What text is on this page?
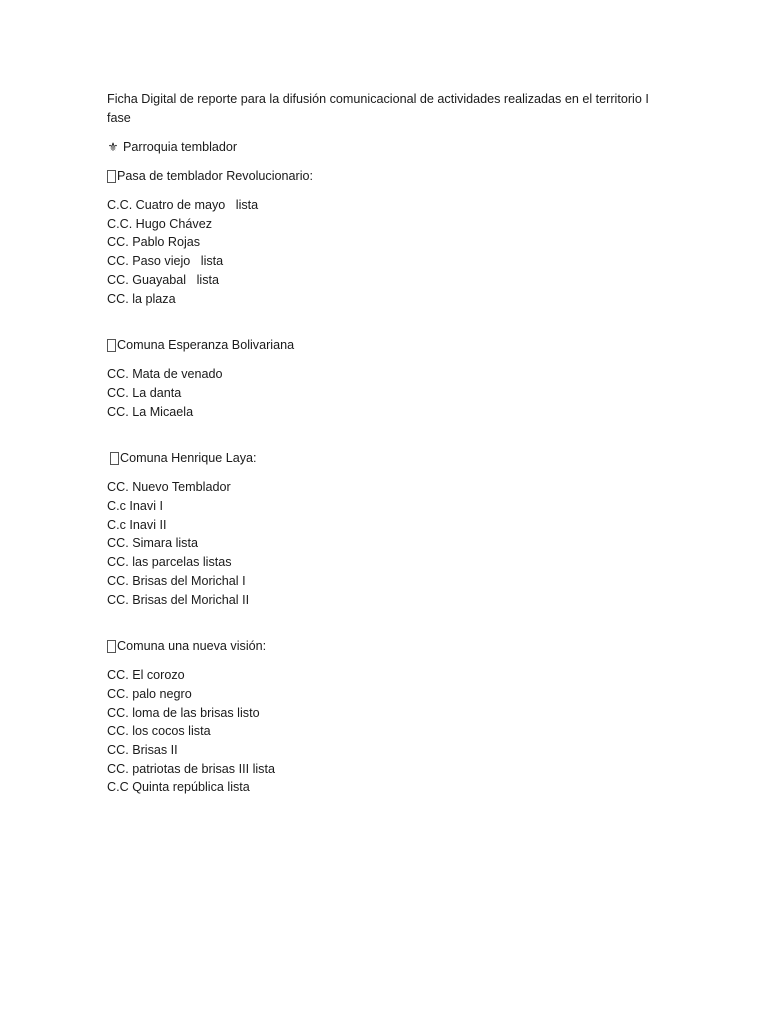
Ficha Digital de reporte para la difusión comunicacional de actividades realizadas en el territorio I fase
⚜ Parroquia temblador
Pasa de temblador Revolucionario:
C.C. Cuatro de mayo   lista
C.C. Hugo Chávez
CC. Pablo Rojas
CC. Paso viejo   lista
CC. Guayabal   lista
CC. la plaza
Comuna Esperanza Bolivariana
CC. Mata de venado
CC. La danta
CC. La Micaela
Comuna Henrique Laya:
CC. Nuevo Temblador
C.c Inavi I
C.c Inavi II
CC. Simara lista
CC. las parcelas listas
CC. Brisas del Morichal I
CC. Brisas del Morichal II
Comuna una nueva visión:
CC. El corozo
CC. palo negro
CC. loma de las brisas listo
CC. los cocos lista
CC. Brisas II
CC. patriotas de brisas III lista
C.C Quinta república lista
